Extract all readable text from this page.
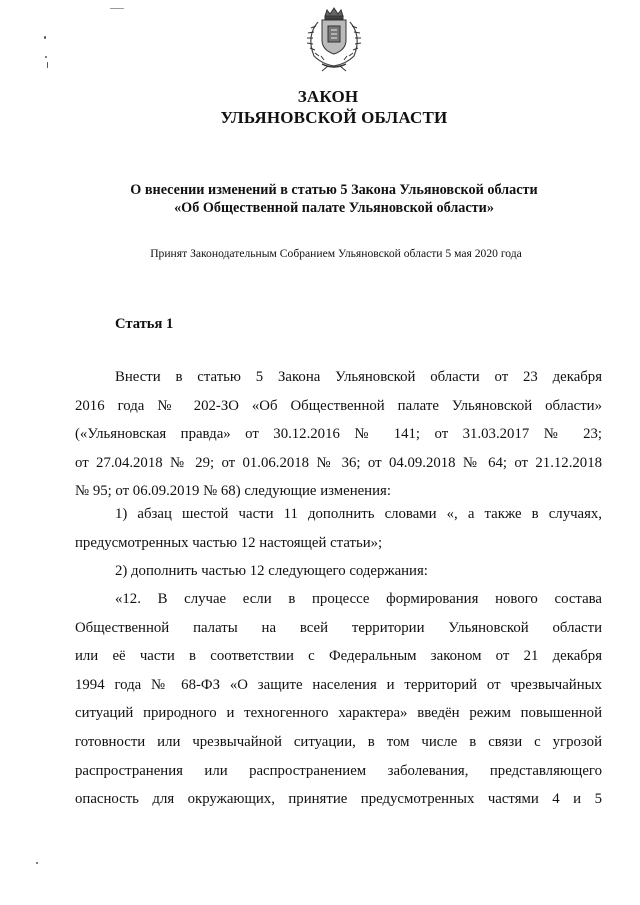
ЗАКОН
УЛЬЯНОВСКОЙ ОБЛАСТИ
О внесении изменений в статью 5 Закона Ульяновской области
«Об Общественной палате Ульяновской области»
Принят Законодательным Собранием Ульяновской области 5 мая 2020 года
Статья 1
Внести в статью 5 Закона Ульяновской области от 23 декабря
2016 года № 202-ЗО «Об Общественной палате Ульяновской области»
(«Ульяновская правда» от 30.12.2016 № 141; от 31.03.2017 № 23;
от 27.04.2018 № 29; от 01.06.2018 № 36; от 04.09.2018 № 64; от 21.12.2018
№ 95; от 06.09.2019 № 68) следующие изменения:
1) абзац шестой части 11 дополнить словами «, а также в случаях,
предусмотренных частью 12 настоящей статьи»;
2) дополнить частью 12 следующего содержания:
«12. В случае если в процессе формирования нового состава
Общественной палаты на всей территории Ульяновской области
или её части в соответствии с Федеральным законом от 21 декабря
1994 года № 68-ФЗ «О защите населения и территорий от чрезвычайных
ситуаций природного и техногенного характера» введён режим повышенной
готовности или чрезвычайной ситуации, в том числе в связи с угрозой
распространения или распространением заболевания, представляющего
опасность для окружающих, принятие предусмотренных частями 4 и 5
